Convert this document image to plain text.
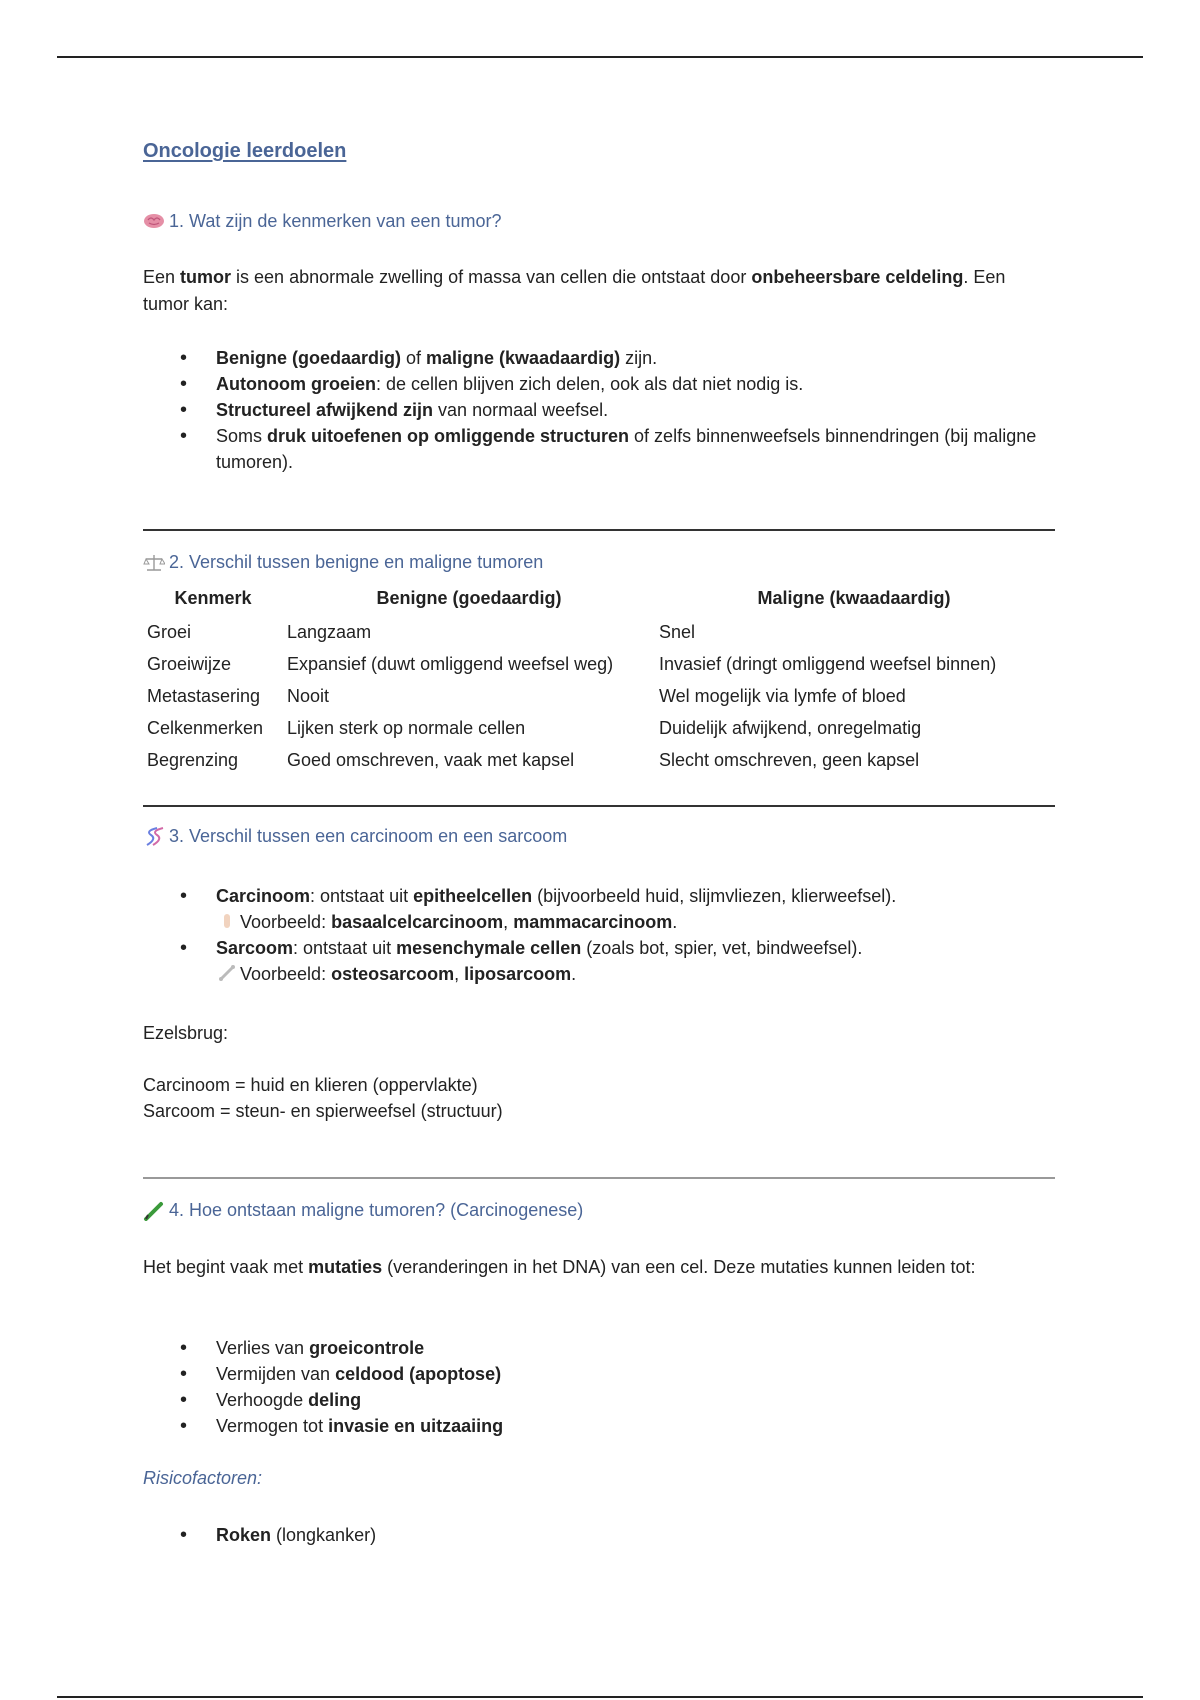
Oncologie leerdoelen
1. Wat zijn de kenmerken van een tumor?
Een tumor is een abnormale zwelling of massa van cellen die ontstaat door onbeheersbare celdeling. Een tumor kan:
• Benigne (goedaardig) of maligne (kwaadaardig) zijn.
• Autonoom groeien: de cellen blijven zich delen, ook als dat niet nodig is.
• Structureel afwijkend zijn van normaal weefsel.
• Soms druk uitoefenen op omliggende structuren of zelfs binnenweefsels binnendringen (bij maligne tumoren).
2. Verschil tussen benigne en maligne tumoren
Kenmerk	Benigne (goedaardig)	Maligne (kwaadaardig)
Groei	Langzaam	Snel
Groeiwijze	Expansief (duwt omliggend weefsel weg)	Invasief (dringt omliggend weefsel binnen)
Metastasering	Nooit	Wel mogelijk via lymfe of bloed
Celkenmerken	Lijken sterk op normale cellen	Duidelijk afwijkend, onregelmatig
Begrenzing	Goed omschreven, vaak met kapsel	Slecht omschreven, geen kapsel
3. Verschil tussen een carcinoom en een sarcoom
• Carcinoom: ontstaat uit epitheelcellen (bijvoorbeeld huid, slijmvliezen, klierweefsel).
Voorbeeld: basaalcelcarcinoom, mammacarcinoom.
• Sarcoom: ontstaat uit mesenchymale cellen (zoals bot, spier, vet, bindweefsel).
Voorbeeld: osteosarcoom, liposarcoom.
Ezelsbrug:
Carcinoom = huid en klieren (oppervlakte)
Sarcoom = steun- en spierweefsel (structuur)
4. Hoe ontstaan maligne tumoren? (Carcinogenese)
Het begint vaak met mutaties (veranderingen in het DNA) van een cel. Deze mutaties kunnen leiden tot:
• Verlies van groeicontrole
• Vermijden van celdood (apoptose)
• Verhoogde deling
• Vermogen tot invasie en uitzaaiing
Risicofactoren:
• Roken (longkanker)
